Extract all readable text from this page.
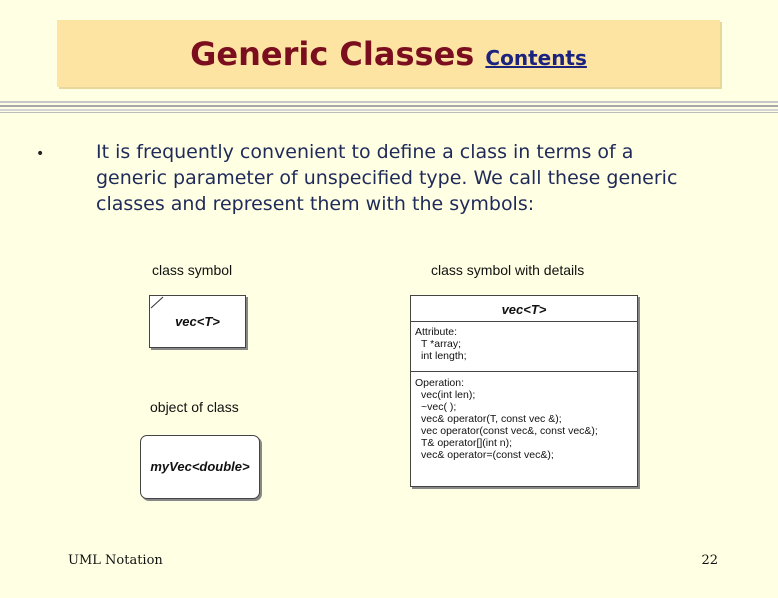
Generic Classes Contents
•	It is frequently convenient to define a class in terms of a generic parameter of unspecified type. We call these generic classes and represent them with the symbols:
class symbol
vec<T>
object of class
myVec<double>
class symbol with details
vec<T>
Attribute:
T *array;
int length;
Operation:
vec(int len);
~vec( );
vec& operator(T, const vec &);
vec operator(const vec&, const vec&);
T& operator[](int n);
vec& operator=(const vec&);
UML Notation	22
